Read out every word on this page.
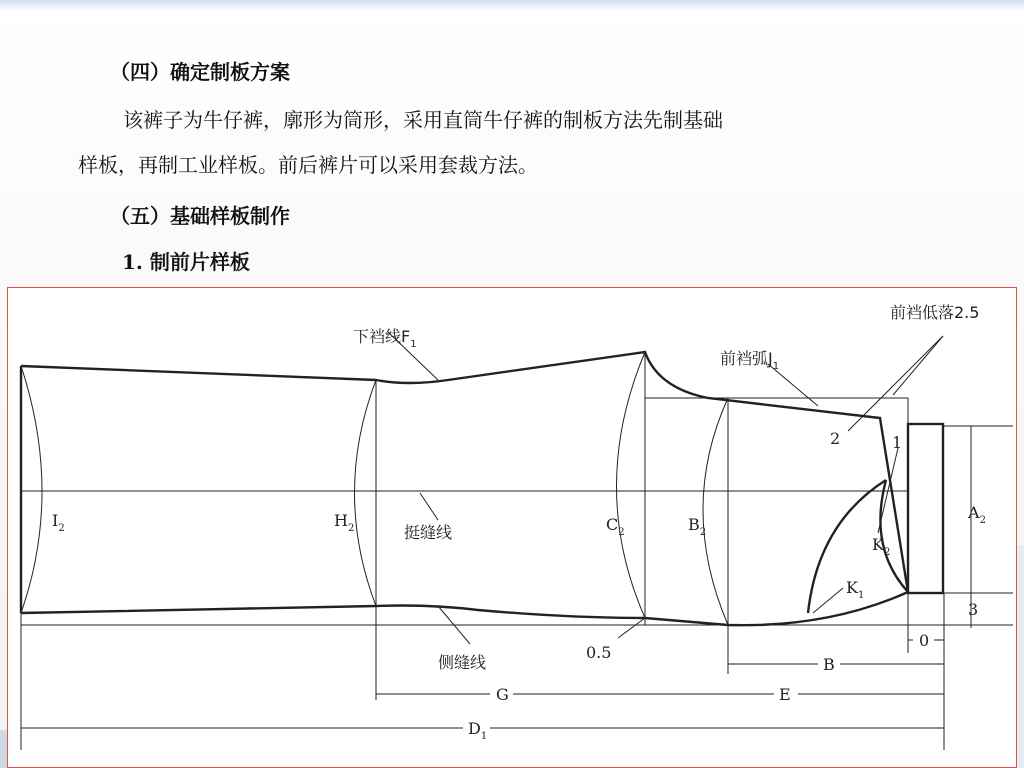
（四）确定制板方案
该裤子为牛仔裤，廓形为筒形，采用直筒牛仔裤的制板方法先制基础
样板，再制工业样板。前后裤片可以采用套裁方法。
（五）基础样板制作
1. 制前片样板
下裆线$F_1$
前裆弧$J_1$
前裆低落2.5
2	1
$I_2$	$H_2$	挺缝线	$C_2$	$B_2$
$K_2$
$K_1$
$A_2$
3
0
0.5
侧缝线	B
G	E
$D_1$
